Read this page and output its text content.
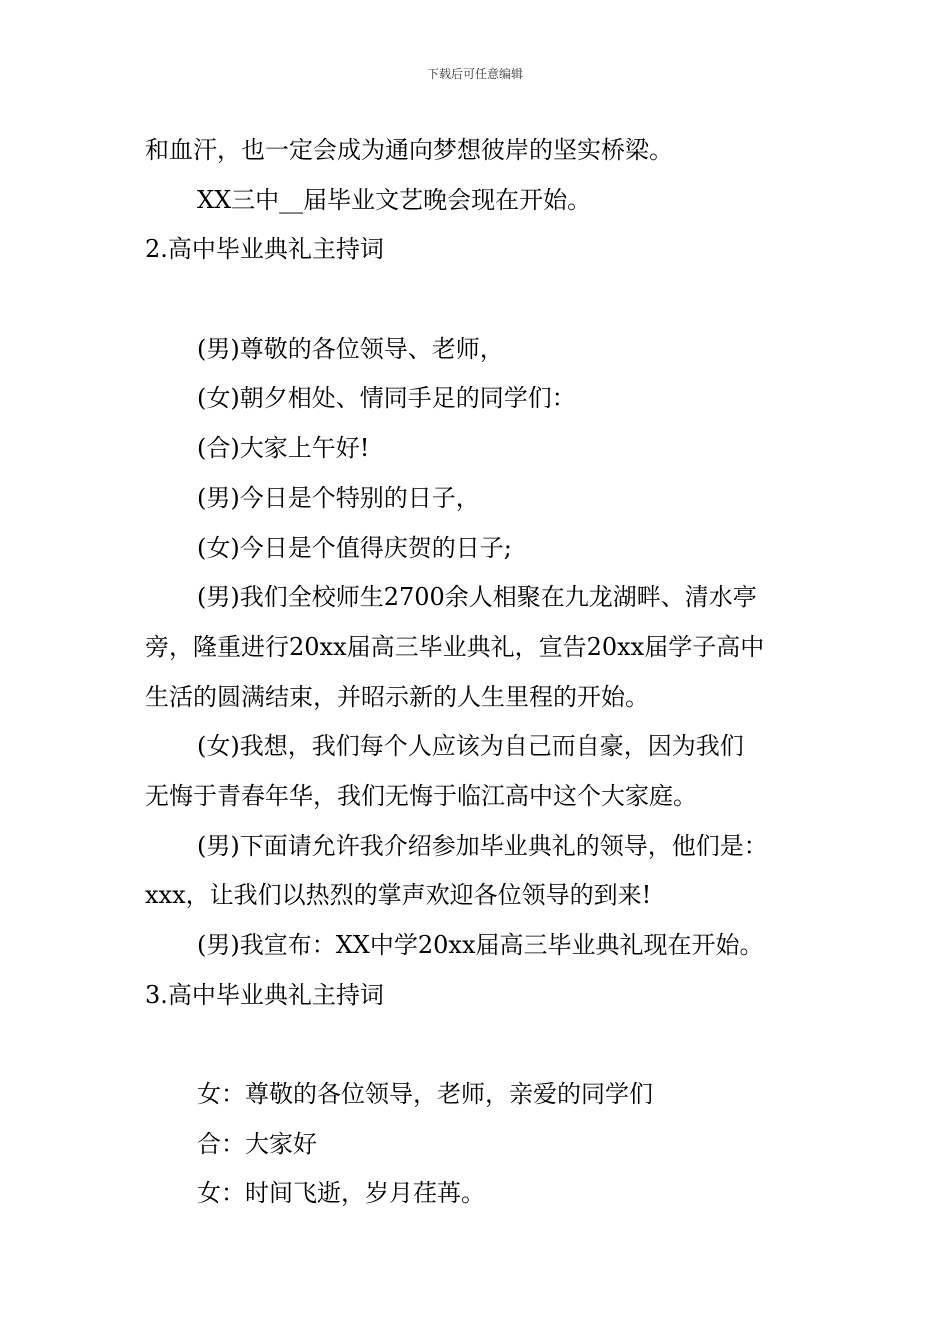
下载后可任意编辑

和血汗，也一定会成为通向梦想彼岸的坚实桥梁。

XX三中__届毕业文艺晚会现在开始。

2.高中毕业典礼主持词

(男)尊敬的各位领导、老师，

(女)朝夕相处、情同手足的同学们：

(合)大家上午好!

(男)今日是个特别的日子，

(女)今日是个值得庆贺的日子;

(男)我们全校师生2700余人相聚在九龙湖畔、清水亭

旁，隆重进行20xx届高三毕业典礼，宣告20xx届学子高中

生活的圆满结束，并昭示新的人生里程的开始。

(女)我想，我们每个人应该为自己而自豪，因为我们

无悔于青春年华，我们无悔于临江高中这个大家庭。

(男)下面请允许我介绍参加毕业典礼的领导，他们是：

xxx，让我们以热烈的掌声欢迎各位领导的到来!

(男)我宣布：XX中学20xx届高三毕业典礼现在开始。

3.高中毕业典礼主持词

女：尊敬的各位领导，老师，亲爱的同学们

合：大家好

女：时间飞逝，岁月荏苒。
